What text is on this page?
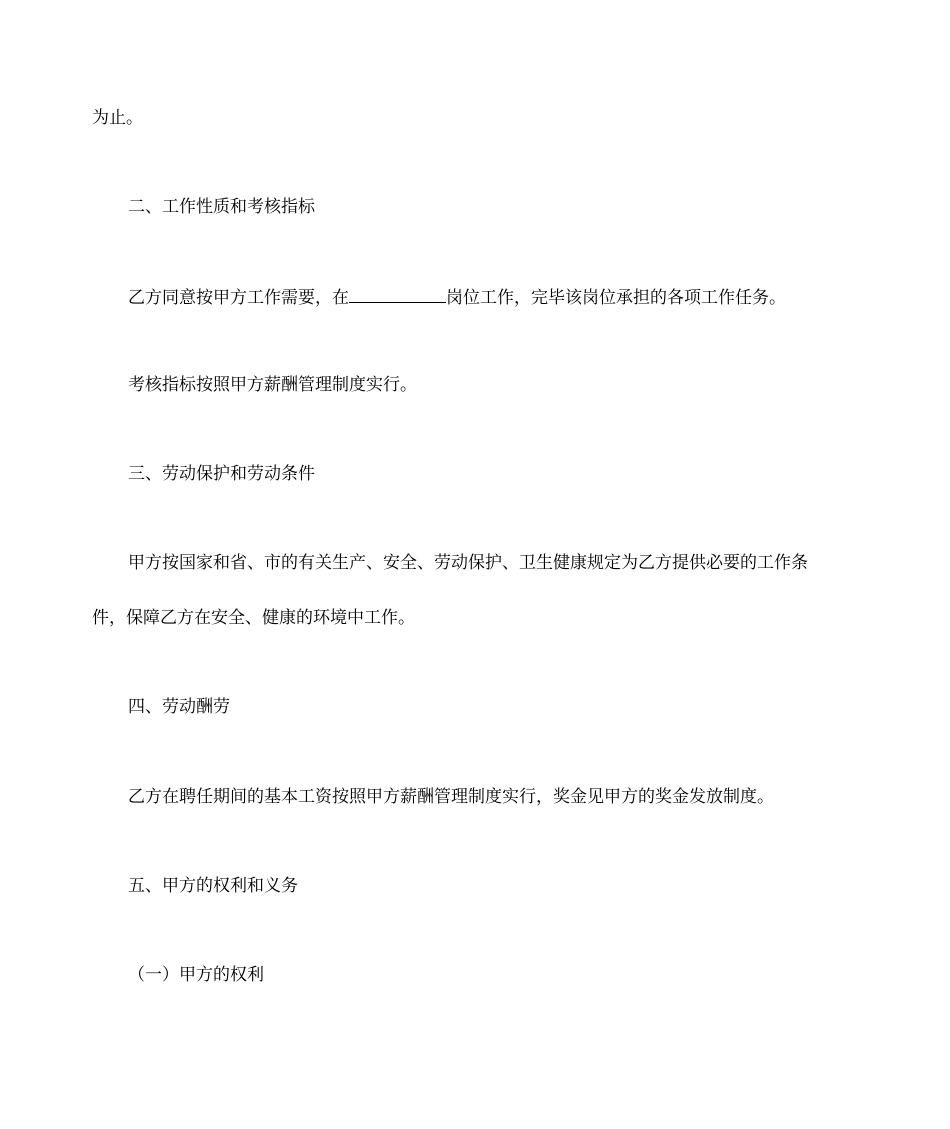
为止。

二、工作性质和考核指标

乙方同意按甲方工作需要，在	岗位工作，完毕该岗位承担的各项工作任务。

考核指标按照甲方薪酬管理制度实行。

三、劳动保护和劳动条件

甲方按国家和省、市的有关生产、安全、劳动保护、卫生健康规定为乙方提供必要的工作条

件，保障乙方在安全、健康的环境中工作。

四、劳动酬劳

乙方在聘任期间的基本工资按照甲方薪酬管理制度实行，奖金见甲方的奖金发放制度。

五、甲方的权利和义务

（一）甲方的权利
